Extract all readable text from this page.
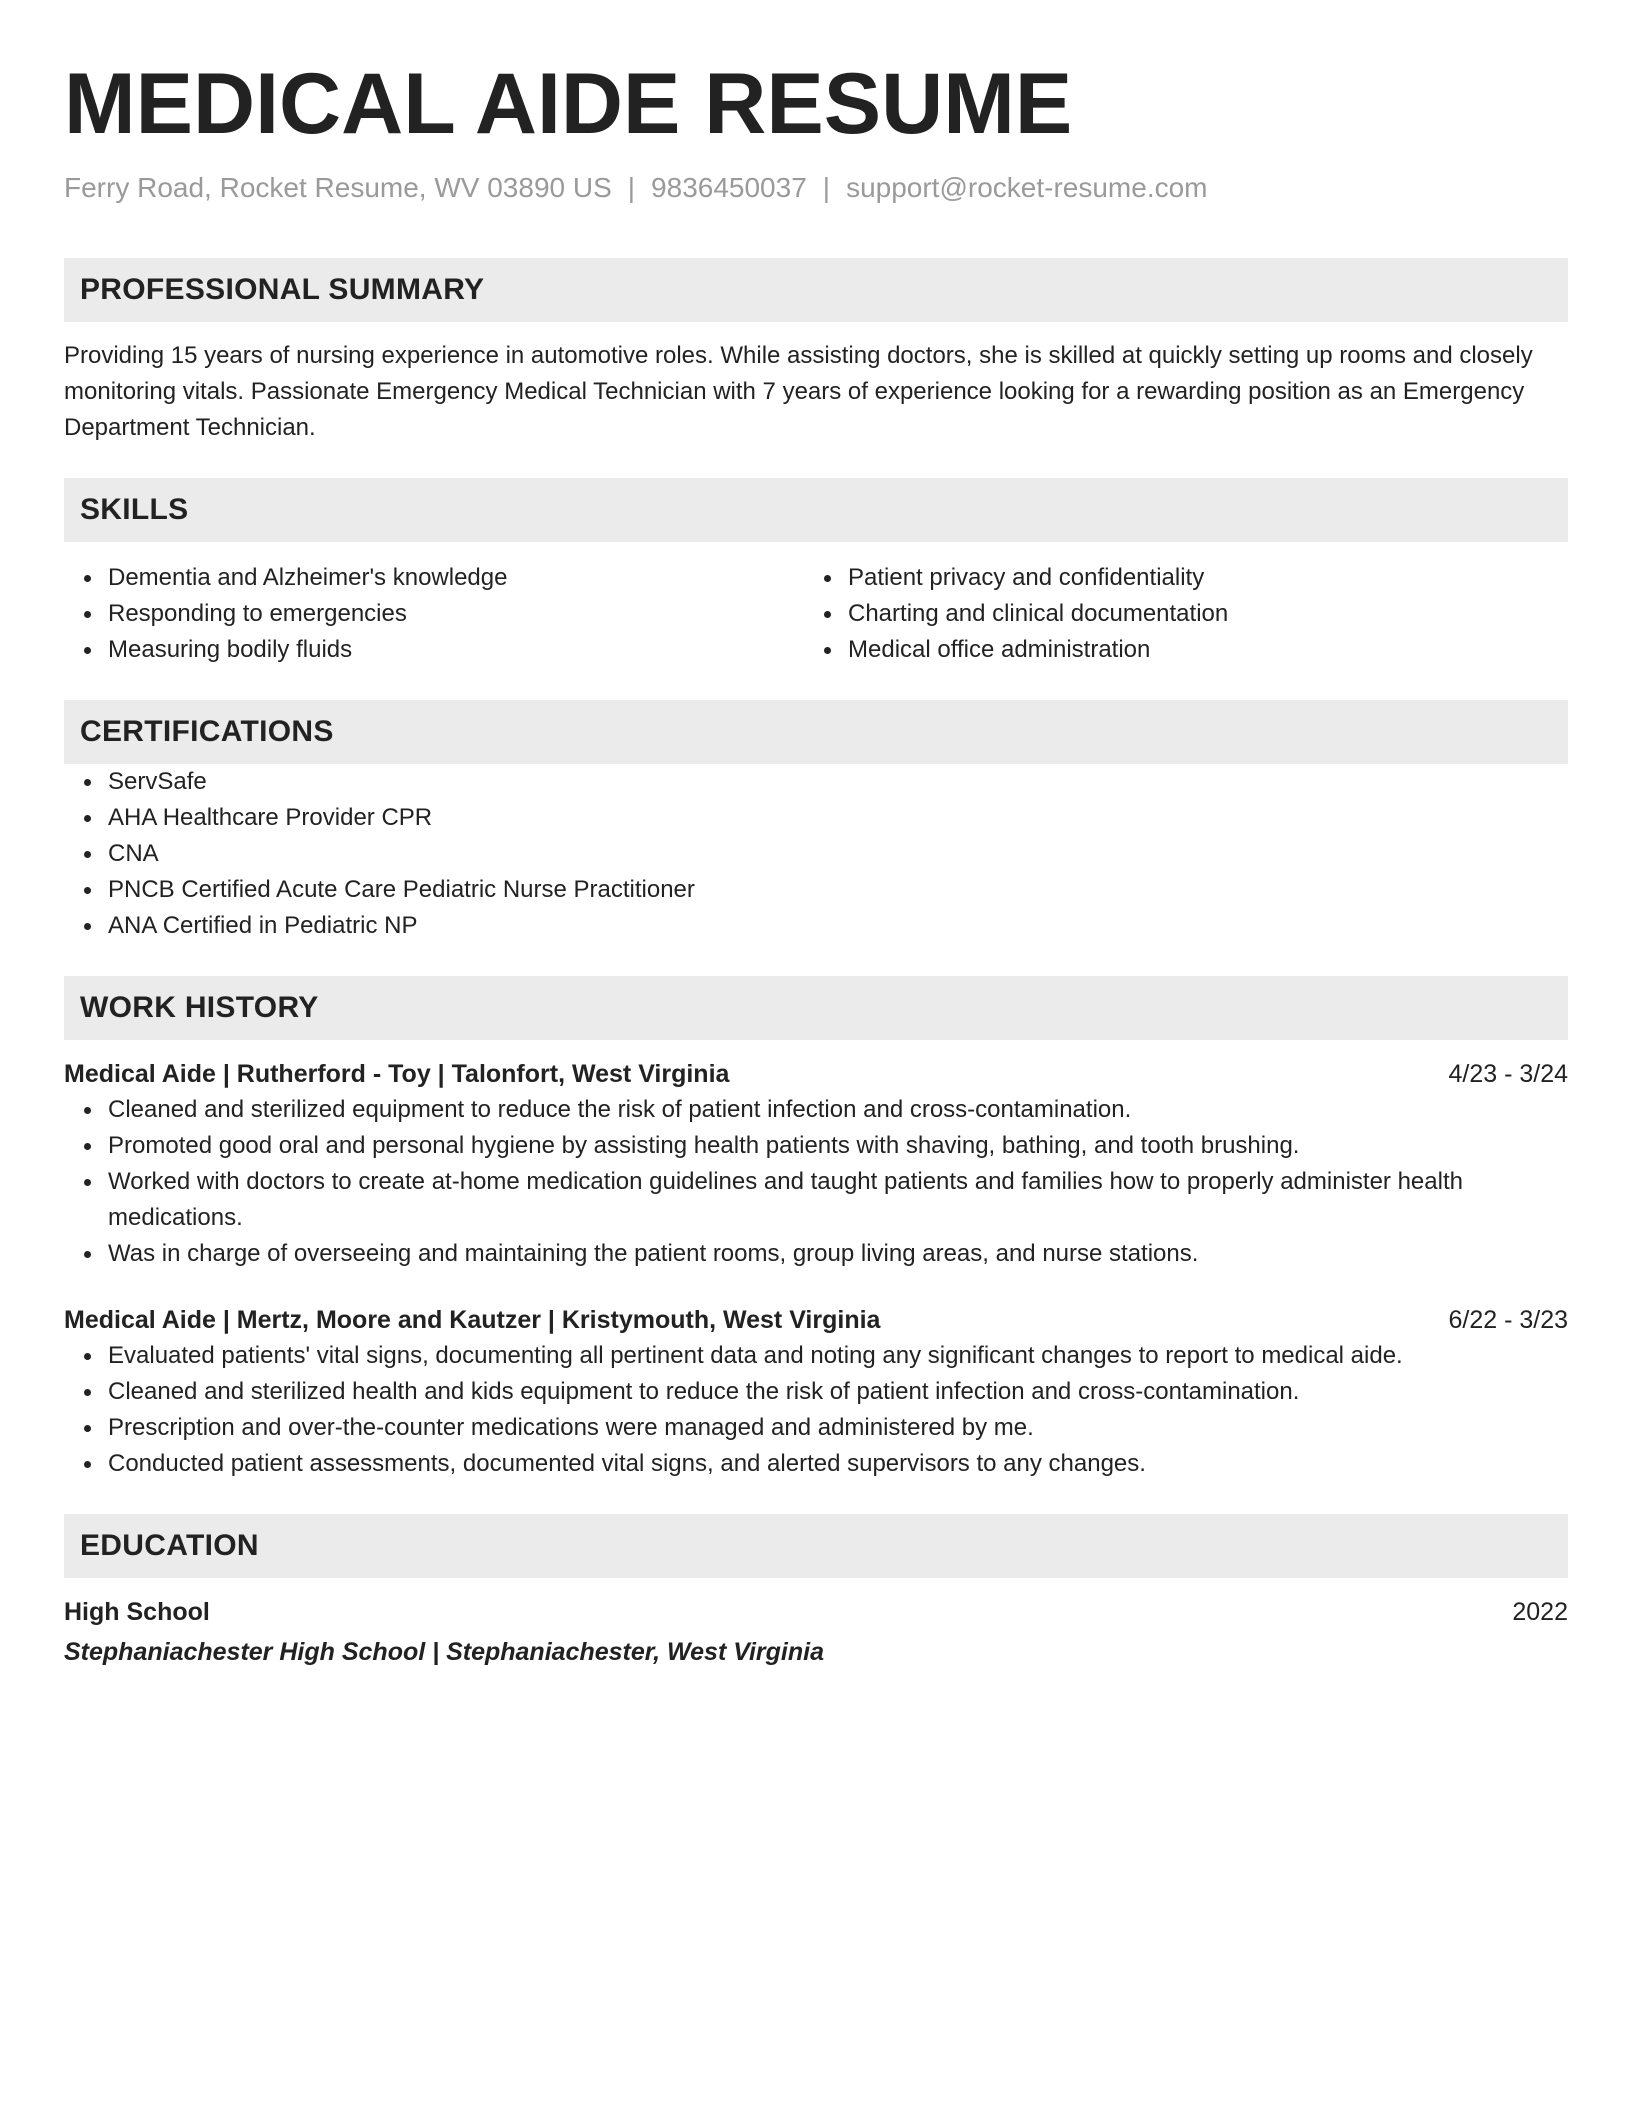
MEDICAL AIDE RESUME
Ferry Road, Rocket Resume, WV 03890 US | 9836450037 | support@rocket-resume.com
PROFESSIONAL SUMMARY

Providing 15 years of nursing experience in automotive roles. While assisting doctors, she is skilled at quickly setting up rooms and closely monitoring vitals. Passionate Emergency Medical Technician with 7 years of experience looking for a rewarding position as an Emergency Department Technician.

SKILLS
Dementia and Alzheimer's knowledge
Responding to emergencies
Measuring bodily fluids
Patient privacy and confidentiality
Charting and clinical documentation
Medical office administration
CERTIFICATIONS
ServSafe
AHA Healthcare Provider CPR
CNA
PNCB Certified Acute Care Pediatric Nurse Practitioner
ANA Certified in Pediatric NP
WORK HISTORY
Medical Aide | Rutherford - Toy | Talonfort, West Virginia	4/23 - 3/24
Cleaned and sterilized equipment to reduce the risk of patient infection and cross-contamination.
Promoted good oral and personal hygiene by assisting health patients with shaving, bathing, and tooth brushing.
Worked with doctors to create at-home medication guidelines and taught patients and families how to properly administer health medications.
Was in charge of overseeing and maintaining the patient rooms, group living areas, and nurse stations.
Medical Aide | Mertz, Moore and Kautzer | Kristymouth, West Virginia	6/22 - 3/23
Evaluated patients' vital signs, documenting all pertinent data and noting any significant changes to report to medical aide.
Cleaned and sterilized health and kids equipment to reduce the risk of patient infection and cross-contamination.
Prescription and over-the-counter medications were managed and administered by me.
Conducted patient assessments, documented vital signs, and alerted supervisors to any changes.
EDUCATION
High School	2022
Stephaniachester High School | Stephaniachester, West Virginia
